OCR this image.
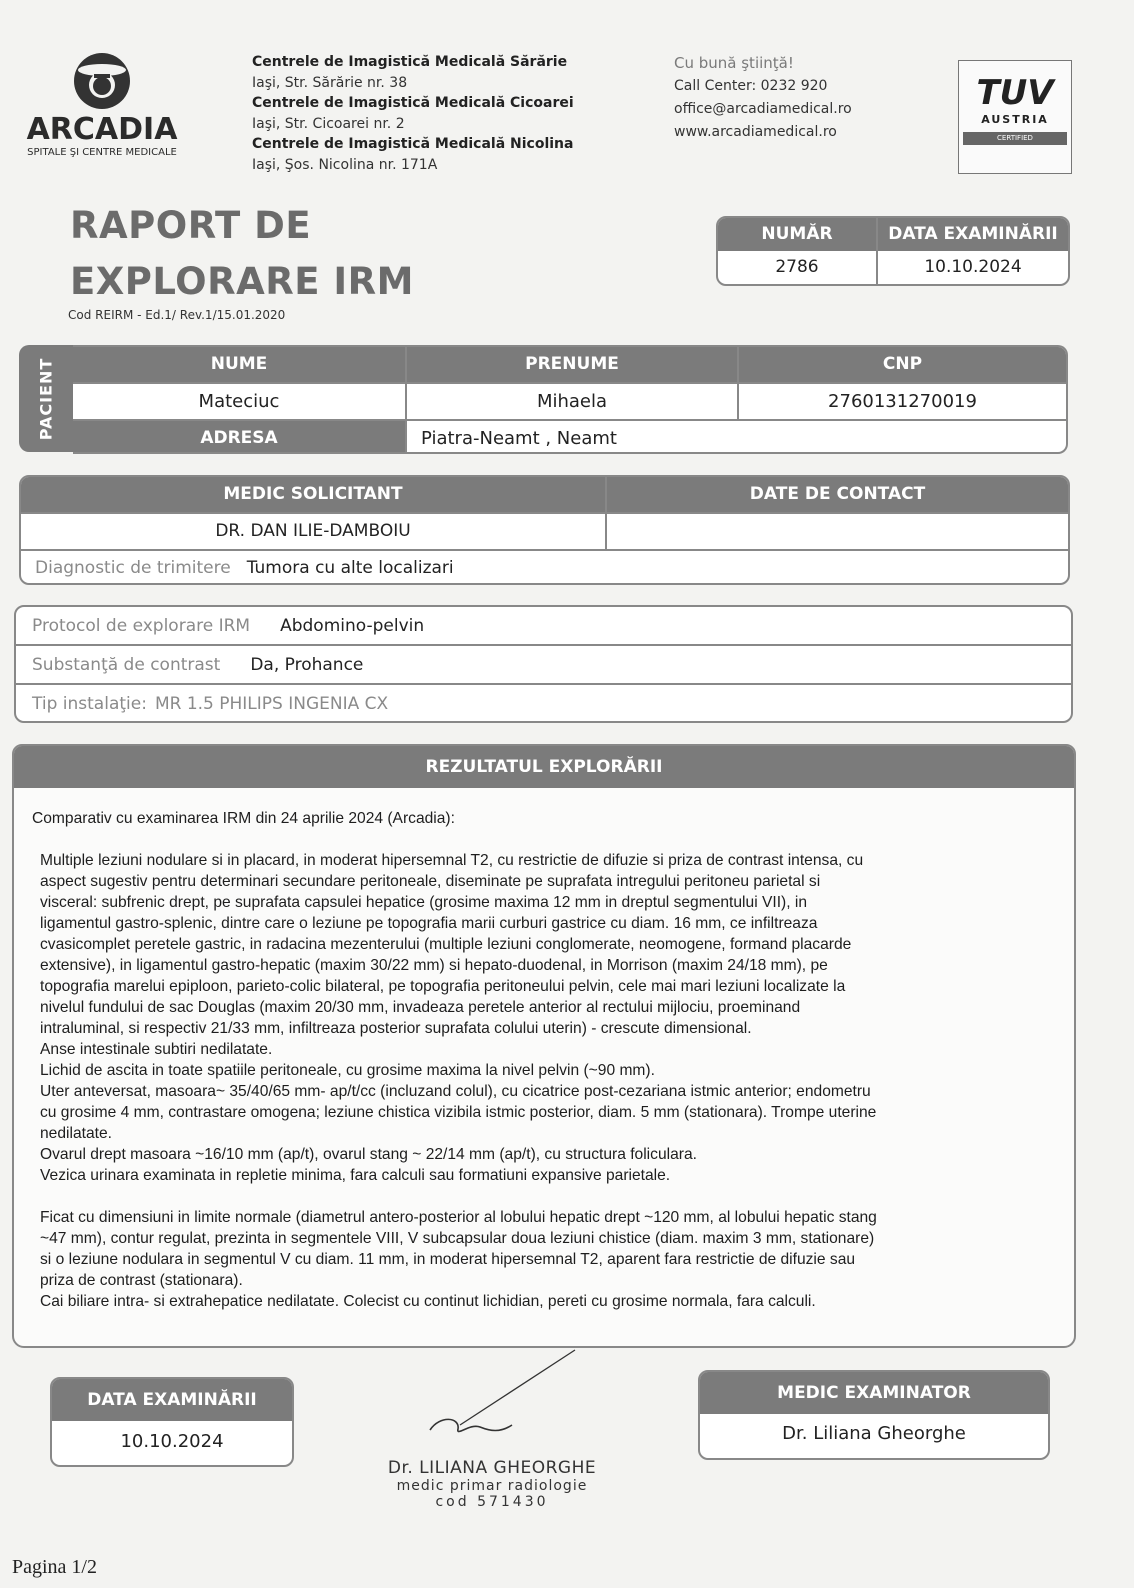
ARCADIA
SPITALE ŞI CENTRE MEDICALE
Centrele de Imagistică Medicală Sărărie
Iaşi, Str. Sărărie nr. 38
Centrele de Imagistică Medicală Cicoarei
Iaşi, Str. Cicoarei nr. 2
Centrele de Imagistică Medicală Nicolina
Iaşi, Şos. Nicolina nr. 171A
Cu bună ştiinţă!
Call Center: 0232 920
office@arcadiamedical.ro
www.arcadiamedical.ro
TUV
AUSTRIA
CERTIFIED
RAPORT DE
EXPLORARE IRM
Cod REIRM - Ed.1/ Rev.1/15.01.2020
NUMĂR	DATA EXAMINĂRII
2786	10.10.2024
PACIENT	NUME	PRENUME	CNP
Mateciuc	Mihaela	2760131270019
ADRESA	Piatra-Neamt , Neamt
MEDIC SOLICITANT	DATE DE CONTACT
DR. DAN ILIE-DAMBOIU
Diagnostic de trimitere Tumora cu alte localizari
Protocol de explorare IRM Abdomino-pelvin
Substanţă de contrast Da, Prohance
Tip instalaţie: MR 1.5 PHILIPS INGENIA CX
REZULTATUL EXPLORĂRII

Comparativ cu examinarea IRM din 24 aprilie 2024 (Arcadia):

Multiple leziuni nodulare si in placard, in moderat hipersemnal T2, cu restrictie de difuzie si priza de contrast intensa, cu
aspect sugestiv pentru determinari secundare peritoneale, diseminate pe suprafata intregului peritoneu parietal si
visceral: subfrenic drept, pe suprafata capsulei hepatice (grosime maxima 12 mm in dreptul segmentului VII), in
ligamentul gastro-splenic, dintre care o leziune pe topografia marii curburi gastrice cu diam. 16 mm, ce infiltreaza
cvasicomplet peretele gastric, in radacina mezenterului (multiple leziuni conglomerate, neomogene, formand placarde
extensive), in ligamentul gastro-hepatic (maxim 30/22 mm) si hepato-duodenal, in Morrison (maxim 24/18 mm), pe
topografia marelui epiploon, parieto-colic bilateral, pe topografia peritoneului pelvin, cele mai mari leziuni localizate la
nivelul fundului de sac Douglas (maxim 20/30 mm, invadeaza peretele anterior al rectului mijlociu, proeminand
intraluminal, si respectiv 21/33 mm, infiltreaza posterior suprafata colului uterin) - crescute dimensional.
Anse intestinale subtiri nedilatate.
Lichid de ascita in toate spatiile peritoneale, cu grosime maxima la nivel pelvin (~90 mm).
Uter anteversat, masoara~ 35/40/65 mm- ap/t/cc (incluzand colul), cu cicatrice post-cezariana istmic anterior; endometru
cu grosime 4 mm, contrastare omogena; leziune chistica vizibila istmic posterior, diam. 5 mm (stationara). Trompe uterine
nedilatate.
Ovarul drept masoara ~16/10 mm (ap/t), ovarul stang ~ 22/14 mm (ap/t), cu structura foliculara.
Vezica urinara examinata in repletie minima, fara calculi sau formatiuni expansive parietale.
Ficat cu dimensiuni in limite normale (diametrul antero-posterior al lobului hepatic drept ~120 mm, al lobului hepatic stang
~47 mm), contur regulat, prezinta in segmentele VIII, V subcapsular doua leziuni chistice (diam. maxim 3 mm, stationare)
si o leziune nodulara in segmentul V cu diam. 11 mm, in moderat hipersemnal T2, aparent fara restrictie de difuzie sau
priza de contrast (stationara).
Cai biliare intra- si extrahepatice nedilatate. Colecist cu continut lichidian, pereti cu grosime normala, fara calculi.
DATA EXAMINĂRII
10.10.2024
Dr. LILIANA GHEORGHE
medic primar radiologie
cod 571430
MEDIC EXAMINATOR
Dr. Liliana Gheorghe
Pagina 1/2
